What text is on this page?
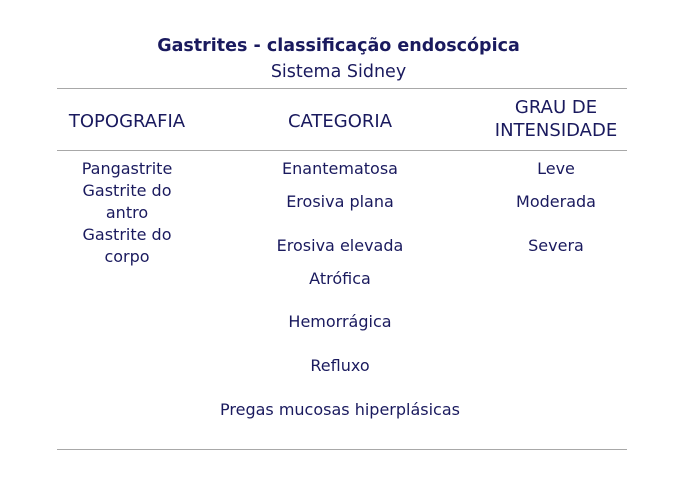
Gastrites - classificação endoscópica
Sistema Sidney
TOPOGRAFIA	CATEGORIA
GRAU DE
INTENSIDADE
Pangastrite
Gastrite do
antro
Gastrite do
corpo
Enantematosa
Erosiva plana
Erosiva elevada
Atrófica
Hemorrágica
Refluxo
Pregas mucosas hiperplásicas
Leve
Moderada
Severa
